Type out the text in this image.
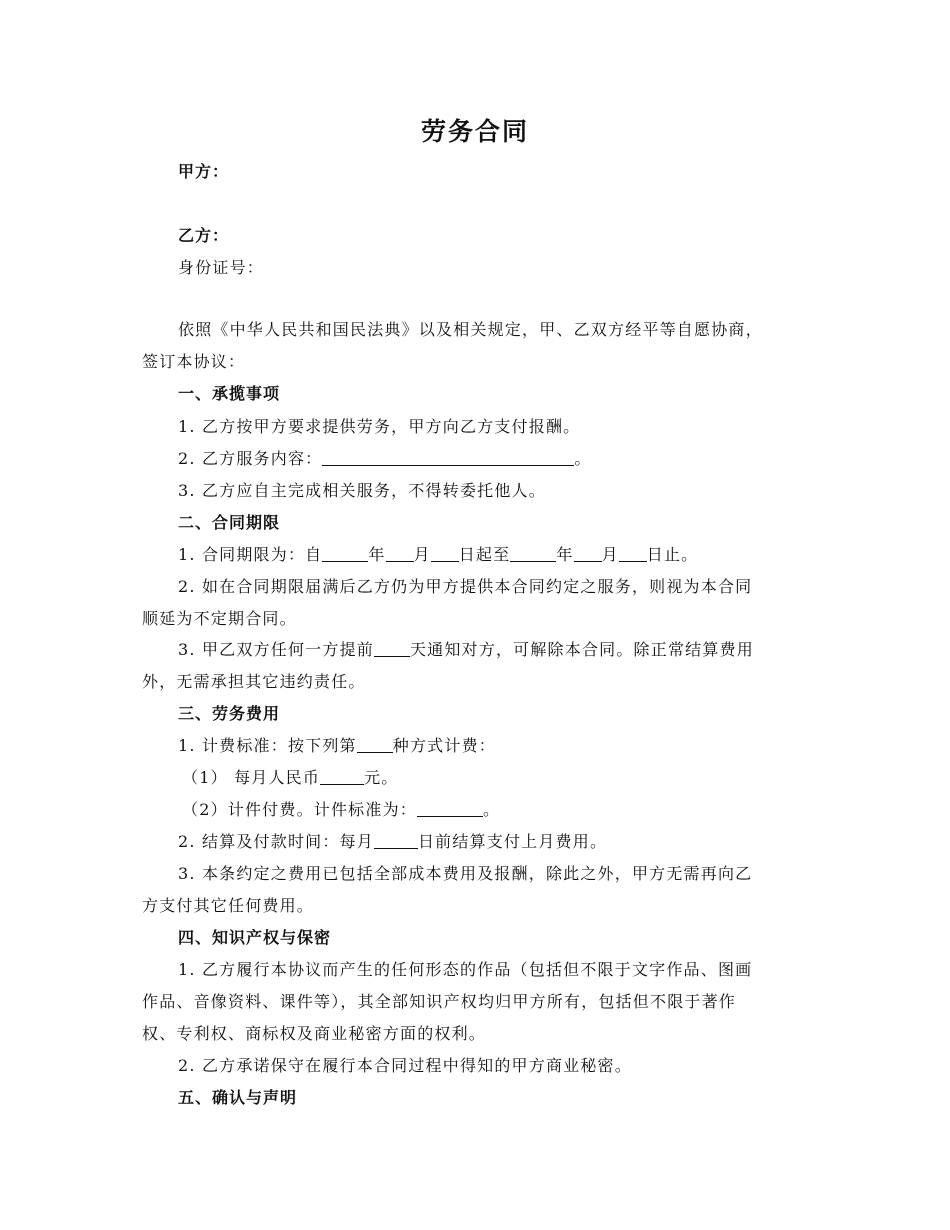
劳务合同
甲方：
乙方：
身份证号：
依照《中华人民共和国民法典》以及相关规定，甲、乙双方经平等自愿协商，
签订本协议：
一、承揽事项
1. 乙方按甲方要求提供劳务，甲方向乙方支付报酬。
2. 乙方服务内容：	。
3. 乙方应自主完成相关服务，不得转委托他人。
二、合同期限
1. 合同期限为：自	年 月 日起至	年 月 日止。
2. 如在合同期限届满后乙方仍为甲方提供本合同约定之服务，则视为本合同
顺延为不定期合同。
3. 甲乙双方任何一方提前 天通知对方，可解除本合同。除正常结算费用
外，无需承担其它违约责任。
三、劳务费用
1. 计费标准：按下列第 种方式计费：
（1） 每月人民币	元。
（2）计件付费。计件标准为：	。
2. 结算及付款时间：每月	日前结算支付上月费用。
3. 本条约定之费用已包括全部成本费用及报酬，除此之外，甲方无需再向乙
方支付其它任何费用。
四、知识产权与保密
1. 乙方履行本协议而产生的任何形态的作品（包括但不限于文字作品、图画
作品、音像资料、课件等），其全部知识产权均归甲方所有，包括但不限于著作
权、专利权、商标权及商业秘密方面的权利。
2. 乙方承诺保守在履行本合同过程中得知的甲方商业秘密。
五、确认与声明
